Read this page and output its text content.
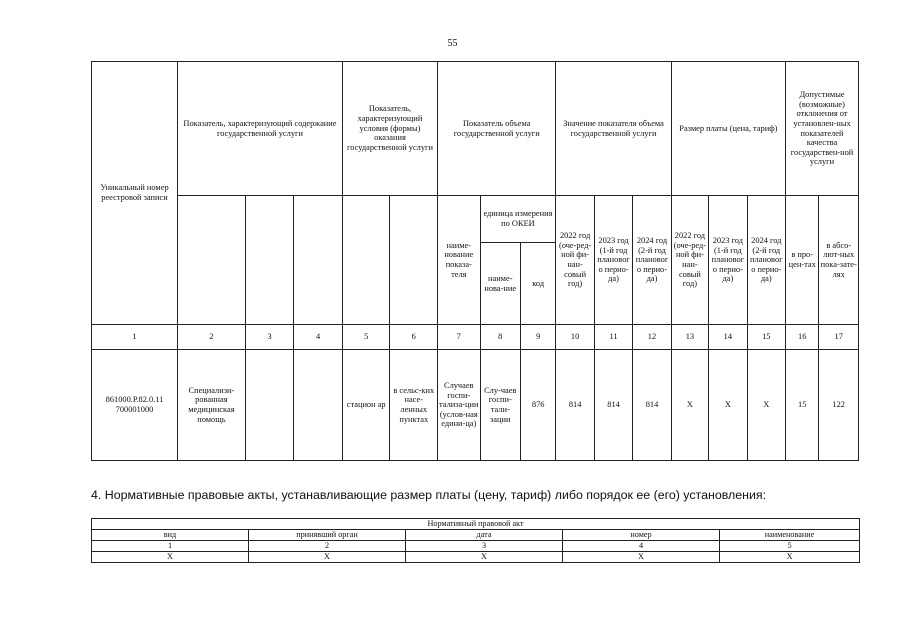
55
Уникальный номер реестровой записи	Показатель, характеризующий содержание государственной услуги			Показатель, характеризующий условия (формы) оказания государственной услуги		Показатель объема государственной услуги			Значение показателя объема государственной услуги			Размер платы (цена, тариф)			Допустимые (возможные) отклонения от установлен-ных показателей качества государствен-ной услуги	
						наиме-нование показа-теля	единица измерения по ОКЕИ		2022 год (оче-ред-ной фи-нан-совый год)	2023 год (1-й год планового перио-да)	2024 год (2-й год планового перио-да)	2022 год (оче-ред-ной фи-нан-совый год)	2023 год (1-й год планового перио-да)	2024 год (2-й год планового перио-да)	в про-цен-тах	в абсо-лют-ных пока-зате-лях
							наиме-нова-ние	код								
1	2	3	4	5	6	7	8	9	10	11	12	13	14	15	16	17
861000.Р.82.0.11 700001000	Специализи-рованная медицинская помощь			стацион ар	в сельс-ких насе-ленных пунктах	Случаев госпи-тализа-ции (услов-ная едини-ца)	Слу-чаев госпи-тали-зации	876	814	814	814	Х	Х	Х	15	122
4. Нормативные правовые акты, устанавливающие размер платы (цену, тариф) либо порядок ее (его) установления:
Нормативный правовой акт				
вид	принявший орган	дата	номер	наименование
1	2	3	4	5
Х	Х	Х	Х	Х
